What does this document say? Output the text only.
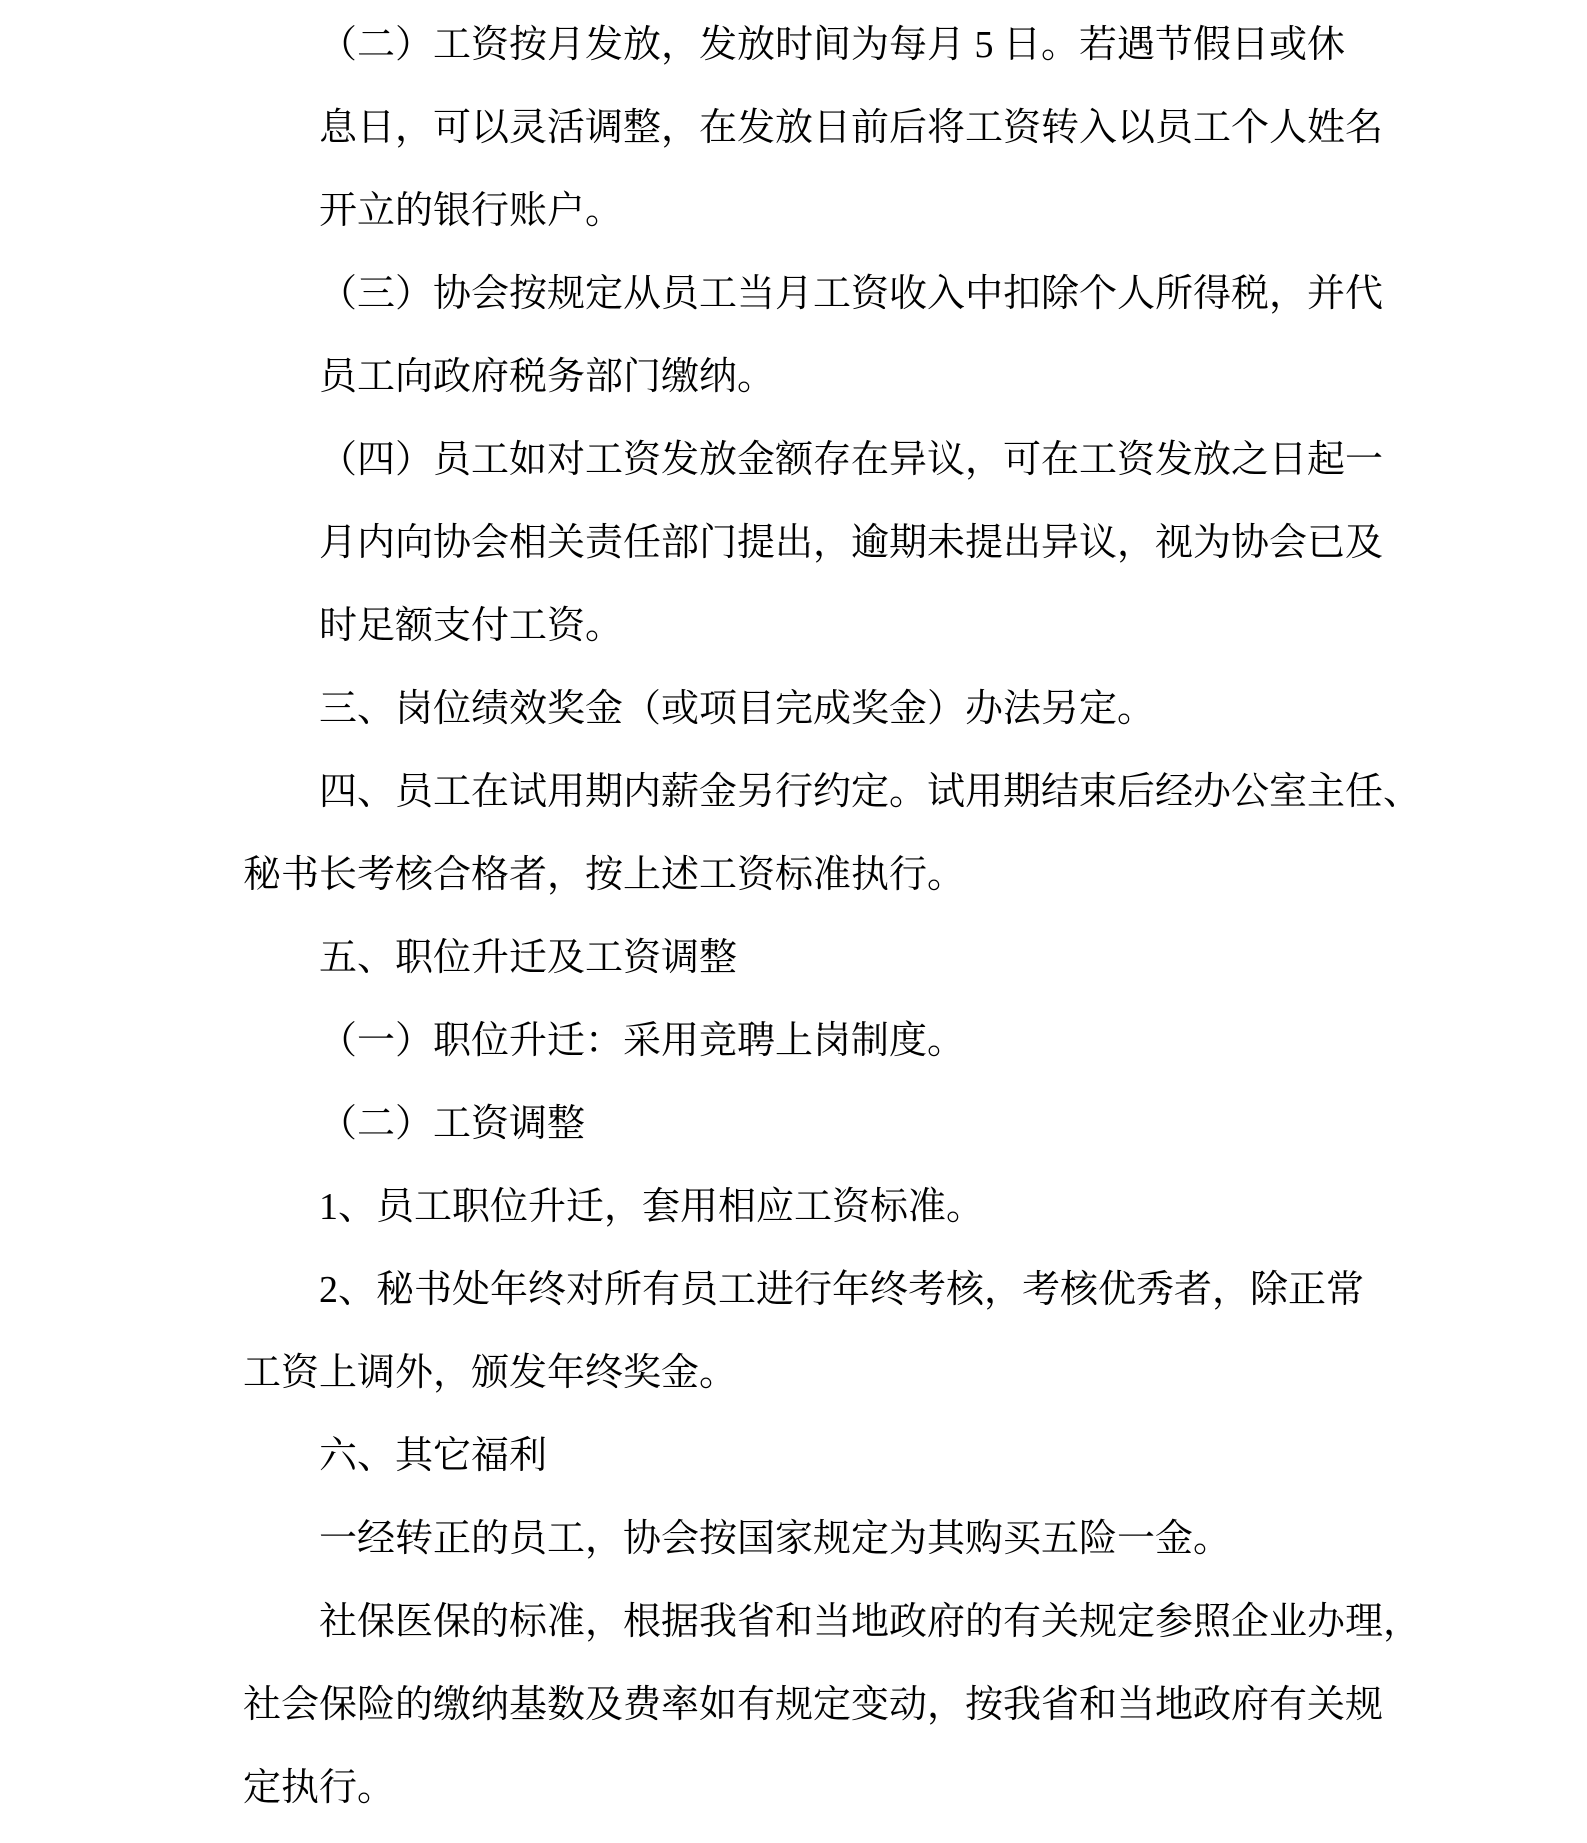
（二）工资按月发放，发放时间为每月 5 日。若遇节假日或休
息日，可以灵活调整，在发放日前后将工资转入以员工个人姓名
开立的银行账户。
（三）协会按规定从员工当月工资收入中扣除个人所得税，并代
员工向政府税务部门缴纳。
（四）员工如对工资发放金额存在异议，可在工资发放之日起一
月内向协会相关责任部门提出，逾期未提出异议，视为协会已及
时足额支付工资。
三、岗位绩效奖金（或项目完成奖金）办法另定。
四、员工在试用期内薪金另行约定。试用期结束后经办公室主任、
秘书长考核合格者，按上述工资标准执行。
五、职位升迁及工资调整
（一）职位升迁：采用竞聘上岗制度。
（二）工资调整
1、员工职位升迁，套用相应工资标准。
2、秘书处年终对所有员工进行年终考核，考核优秀者，除正常
工资上调外，颁发年终奖金。
六、其它福利
一经转正的员工，协会按国家规定为其购买五险一金。
社保医保的标准，根据我省和当地政府的有关规定参照企业办理，
社会保险的缴纳基数及费率如有规定变动，按我省和当地政府有关规
定执行。
